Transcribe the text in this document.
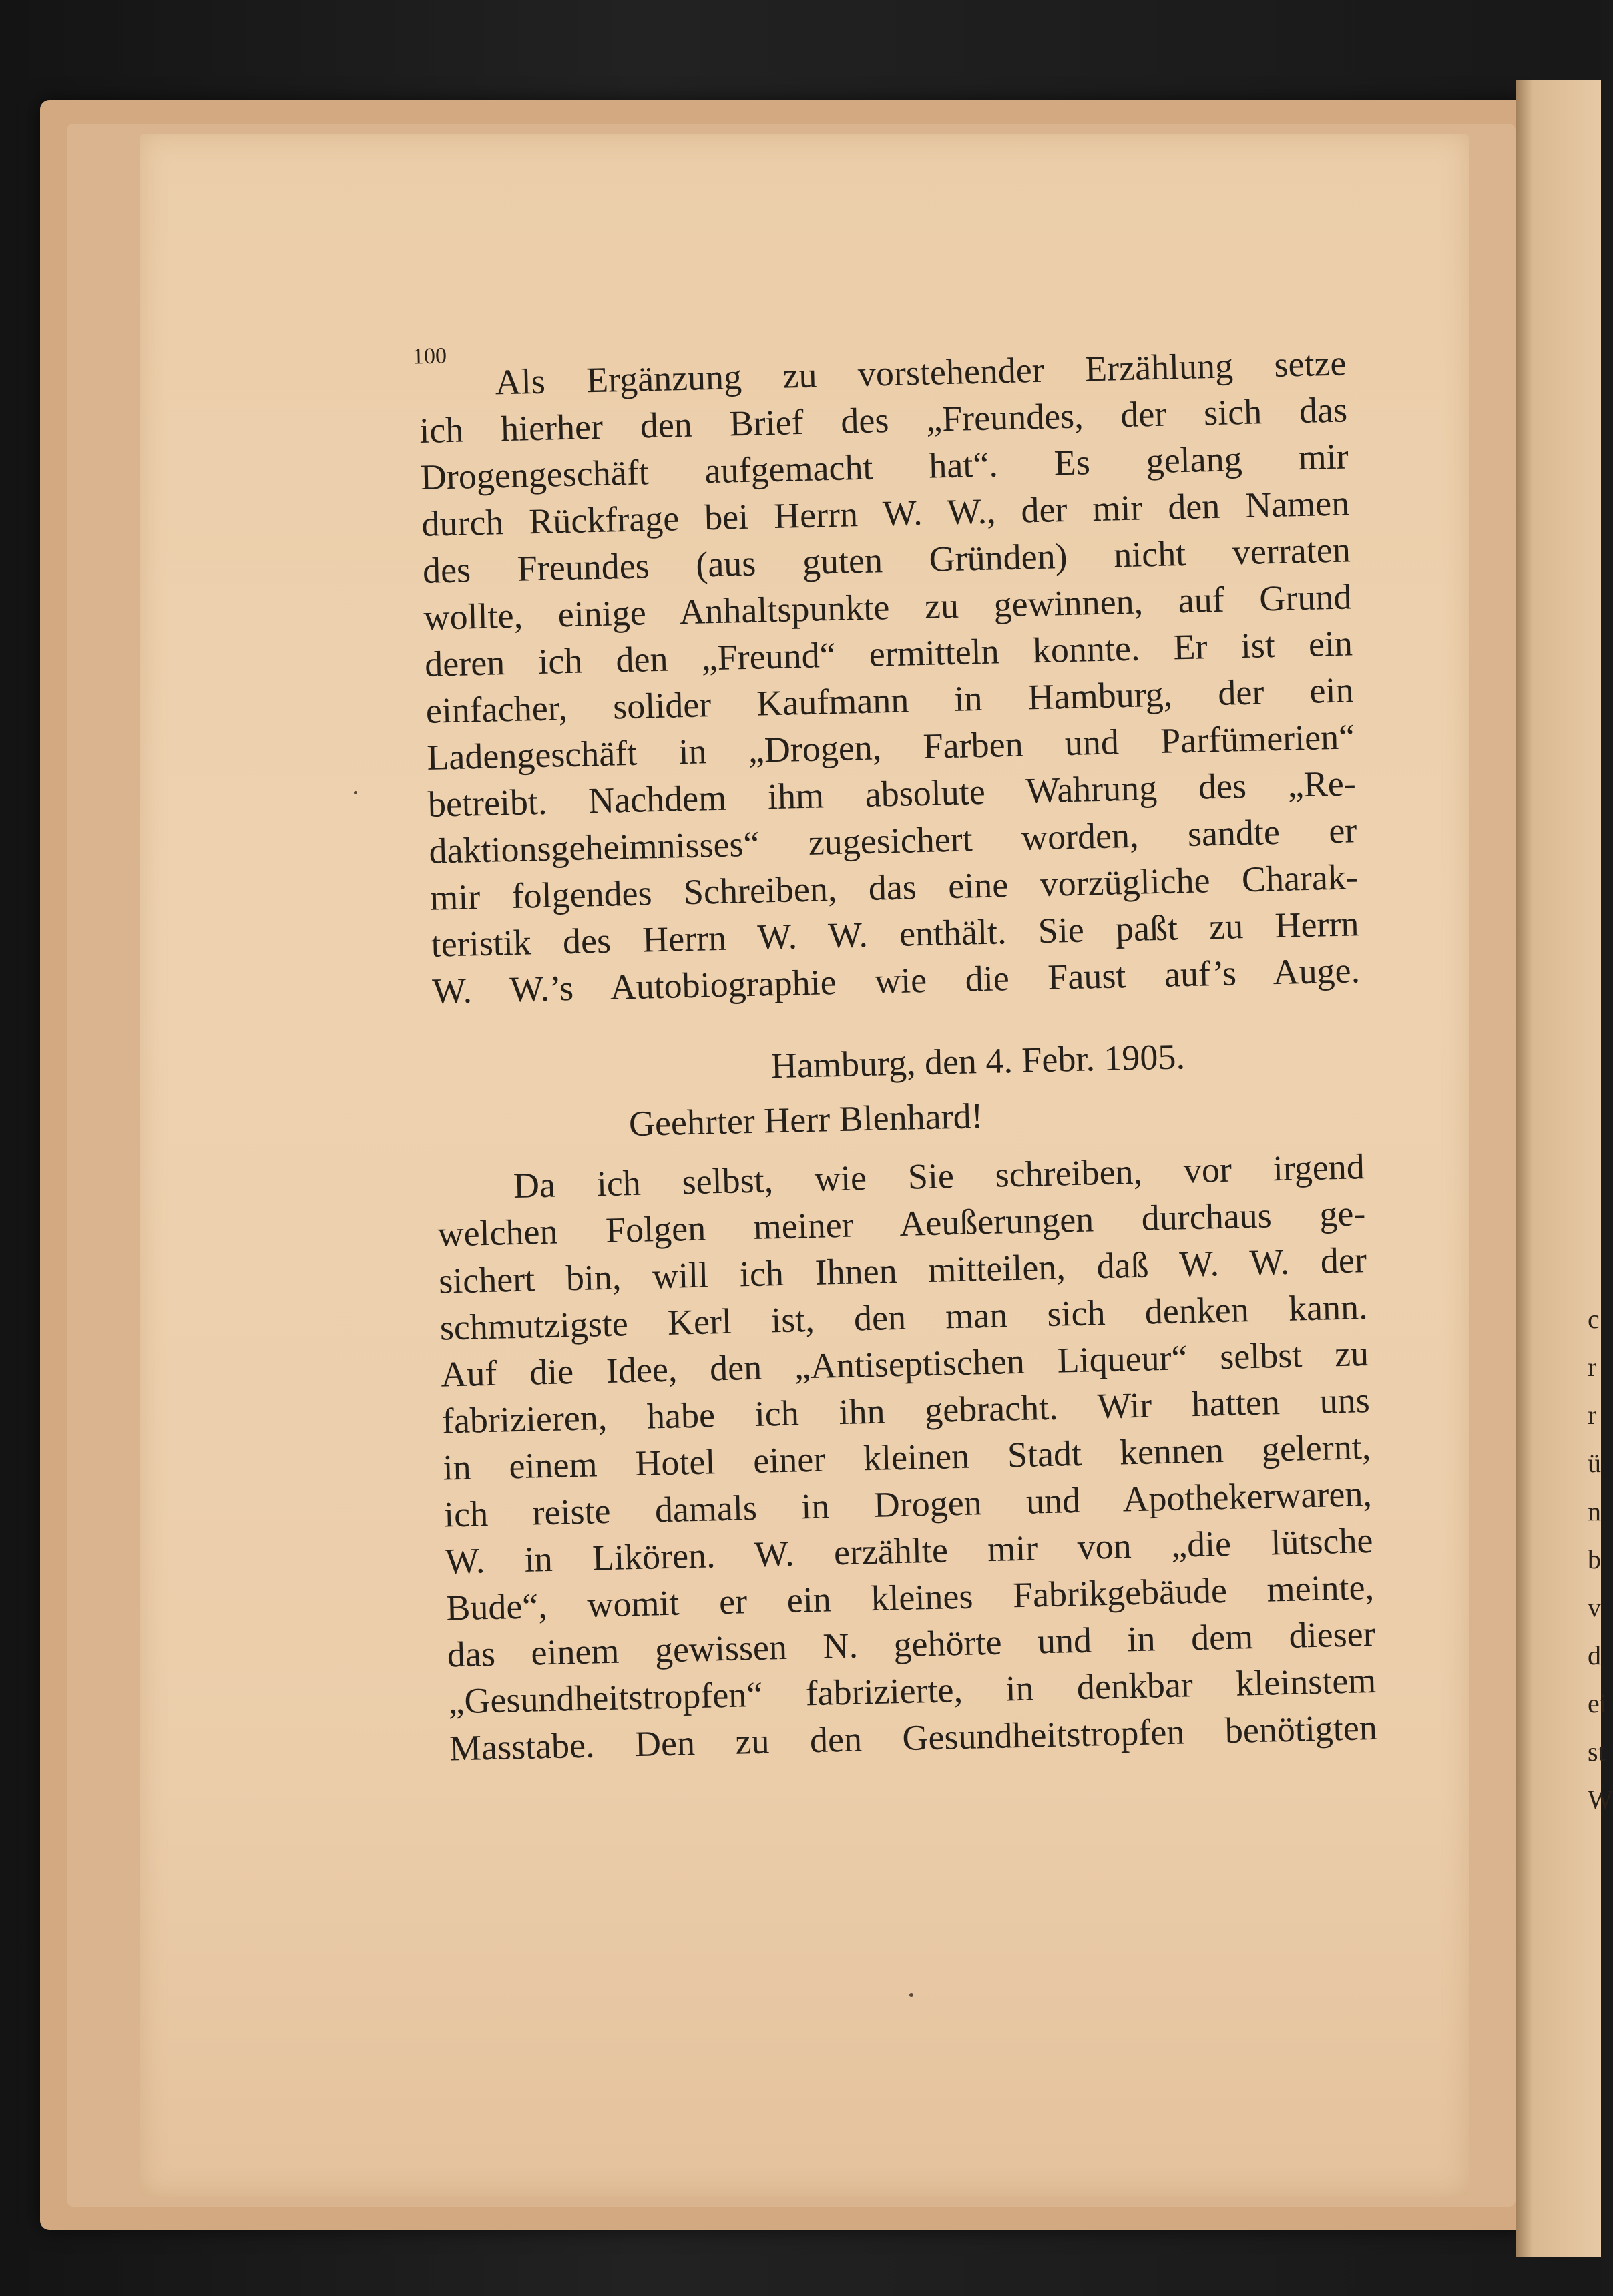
c
r
r
ü
n
b
v
d
ei
st
W
100	Als Ergänzung zu vorstehender Erzählung setze

ich hierher den Brief des „Freundes, der sich das

Drogengeschäft aufgemacht hat“. Es gelang mir

durch Rückfrage bei Herrn W. W., der mir den Namen

des Freundes (aus guten Gründen) nicht verraten

wollte, einige Anhaltspunkte zu gewinnen, auf Grund

deren ich den „Freund“ ermitteln konnte. Er ist ein

einfacher, solider Kaufmann in Hamburg, der ein

Ladengeschäft in „Drogen, Farben und Parfümerien“

betreibt. Nachdem ihm absolute Wahrung des „Re-

daktionsgeheimnisses“ zugesichert worden, sandte er

mir folgendes Schreiben, das eine vorzügliche Charak-

teristik des Herrn W. W. enthält. Sie paßt zu Herrn

W. W.’s Autobiographie wie die Faust auf’s Auge.

Hamburg, den 4. Febr. 1905.

Geehrter Herr Blenhard!

Da ich selbst, wie Sie schreiben, vor irgend

welchen Folgen meiner Aeußerungen durchaus ge-

sichert bin, will ich Ihnen mitteilen, daß W. W. der

schmutzigste Kerl ist, den man sich denken kann.

Auf die Idee, den „Antiseptischen Liqueur“ selbst zu

fabrizieren, habe ich ihn gebracht. Wir hatten uns

in einem Hotel einer kleinen Stadt kennen gelernt,

ich reiste damals in Drogen und Apothekerwaren,

W. in Likören. W. erzählte mir von „die lütsche

Bude“, womit er ein kleines Fabrikgebäude meinte,

das einem gewissen N. gehörte und in dem dieser

„Gesundheitstropfen“ fabrizierte, in denkbar kleinstem

Masstabe. Den zu den Gesundheitstropfen benötigten
